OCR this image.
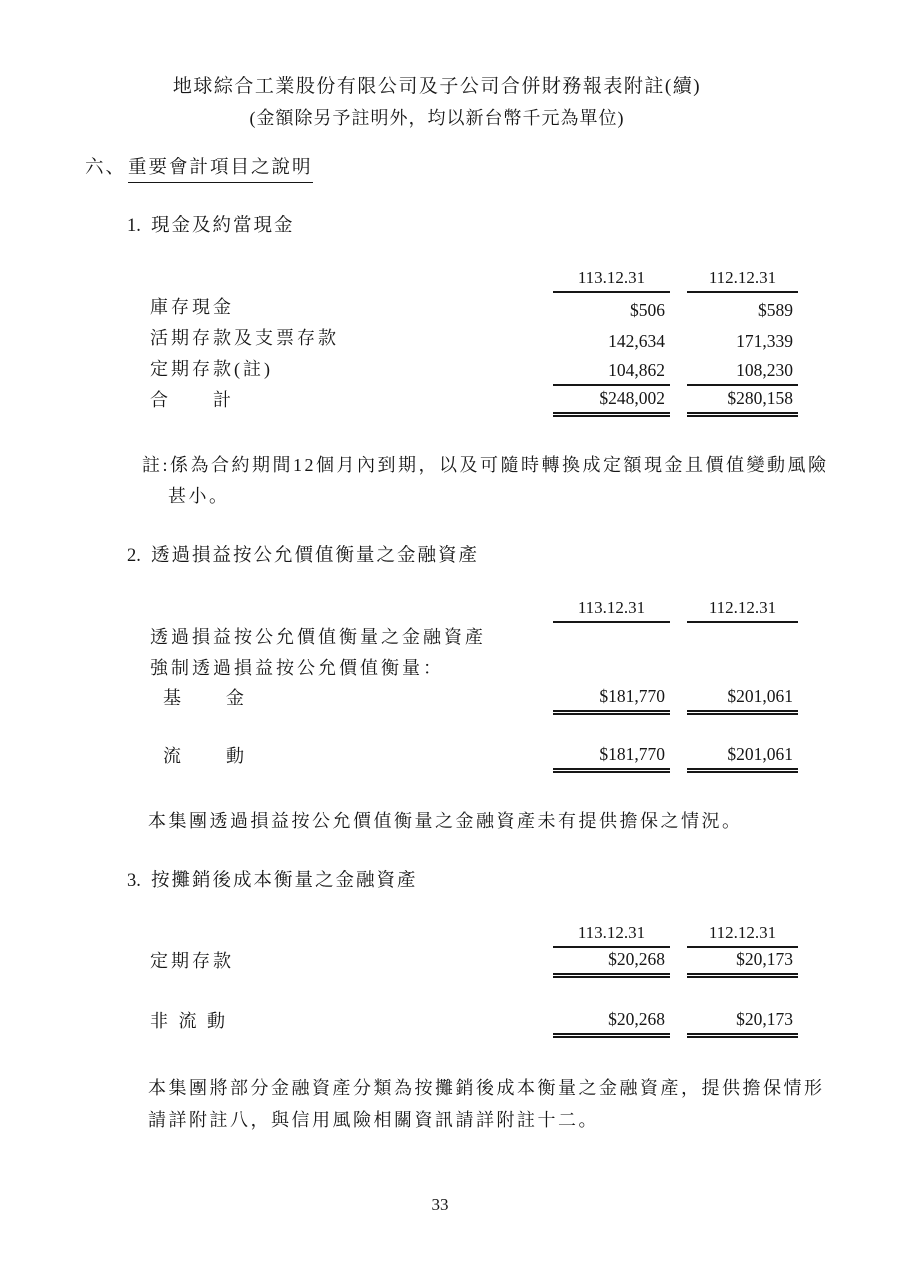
地球綜合工業股份有限公司及子公司合併財務報表附註(續)
(金額除另予註明外，均以新台幣千元為單位)
六、 重要會計項目之說明
1. 現金及約當現金
113.12.31	112.12.31
庫存現金	$506	$589
活期存款及支票存款	142,634	171,339
定期存款(註)	104,862	108,230
合　　計	$248,002	$280,158
註:係為合約期間12個月內到期，以及可隨時轉換成定額現金且價值變動風險
甚小。
2. 透過損益按公允價值衡量之金融資產
113.12.31	112.12.31
透過損益按公允價值衡量之金融資產
強制透過損益按公允價值衡量：
基　　金	$181,770	$201,061
流　　動	$181,770	$201,061
本集團透過損益按公允價值衡量之金融資產未有提供擔保之情況。
3. 按攤銷後成本衡量之金融資產
113.12.31	112.12.31
定期存款	$20,268	$20,173
非 流 動	$20,268	$20,173
本集團將部分金融資產分類為按攤銷後成本衡量之金融資產，提供擔保情形
請詳附註八，與信用風險相關資訊請詳附註十二。
33
